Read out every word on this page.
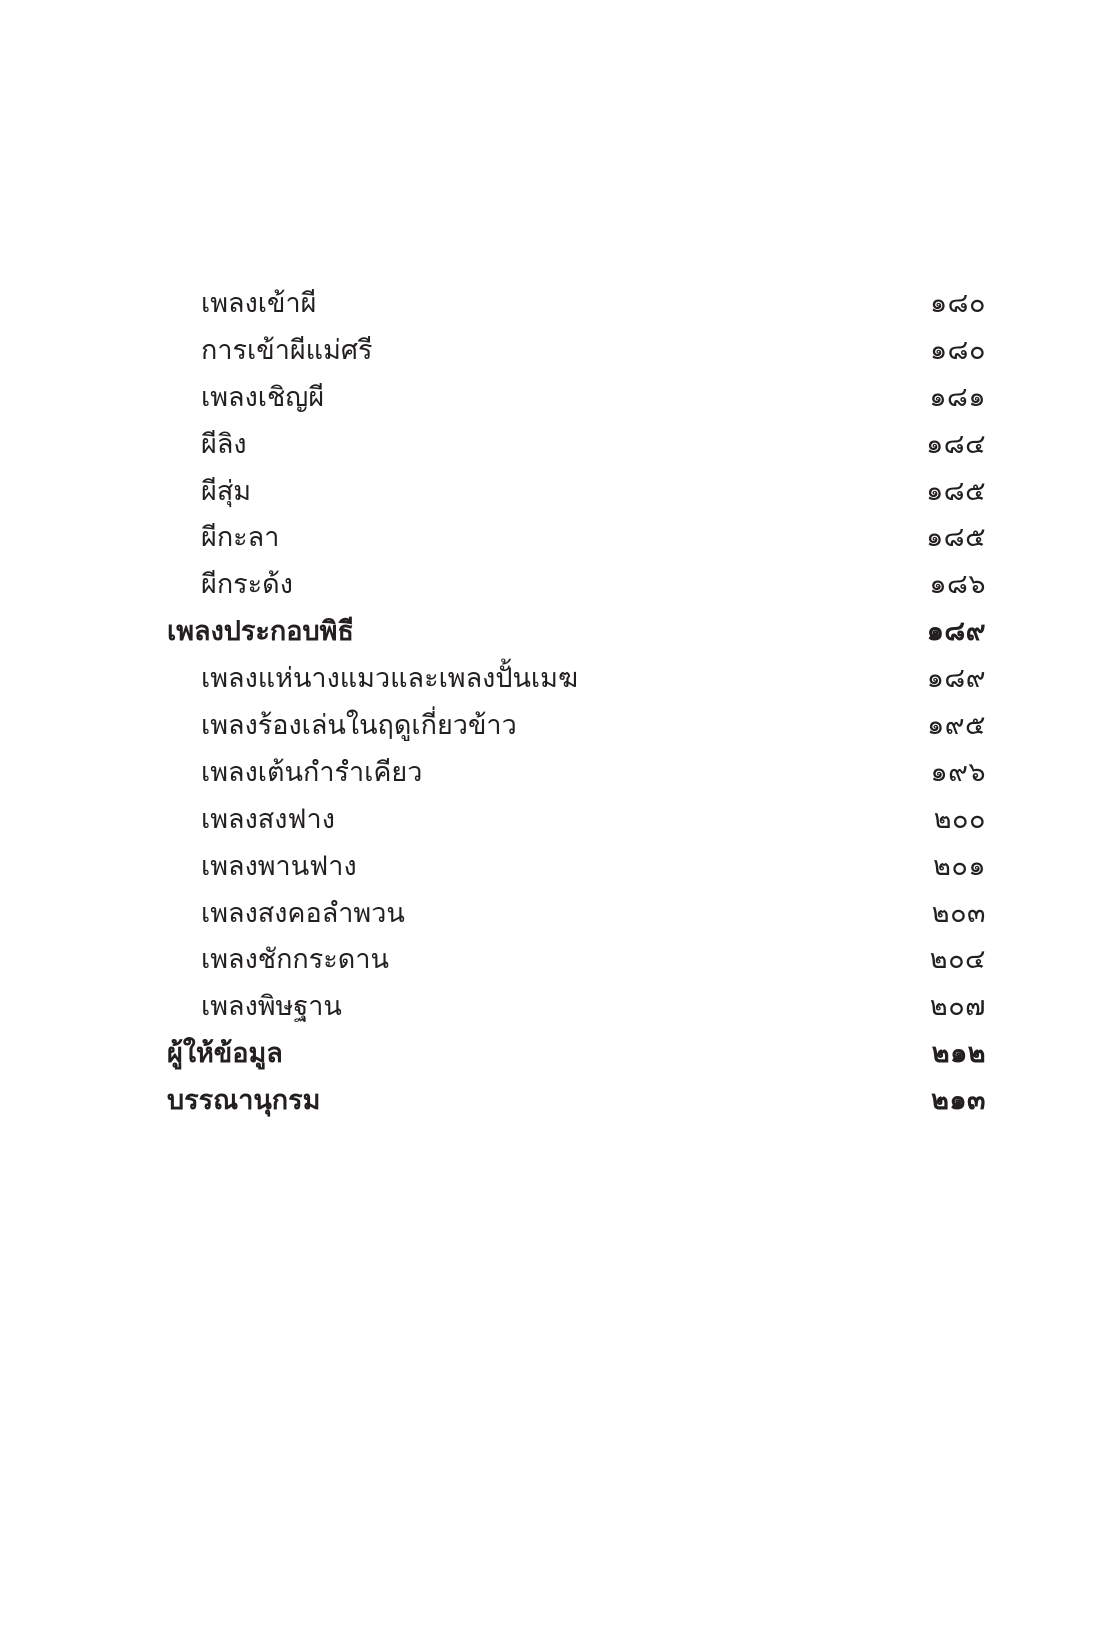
เพลงเข้าผี	๑๘๐
การเข้าผีแม่ศรี	๑๘๐
เพลงเชิญผี	๑๘๑
ผีลิง	๑๘๔
ผีสุ่ม	๑๘๕
ผีกะลา	๑๘๕
ผีกระด้ง	๑๘๖
เพลงประกอบพิธี	๑๘๙
เพลงแห่นางแมวและเพลงปั้นเมฆ	๑๘๙
เพลงร้องเล่นในฤดูเกี่ยวข้าว	๑๙๕
เพลงเต้นกำรำเคียว	๑๙๖
เพลงสงฟาง	๒๐๐
เพลงพานฟาง	๒๐๑
เพลงสงคอลำพวน	๒๐๓
เพลงชักกระดาน	๒๐๔
เพลงพิษฐาน	๒๐๗
ผู้ให้ข้อมูล	๒๑๒
บรรณานุกรม	๒๑๓
